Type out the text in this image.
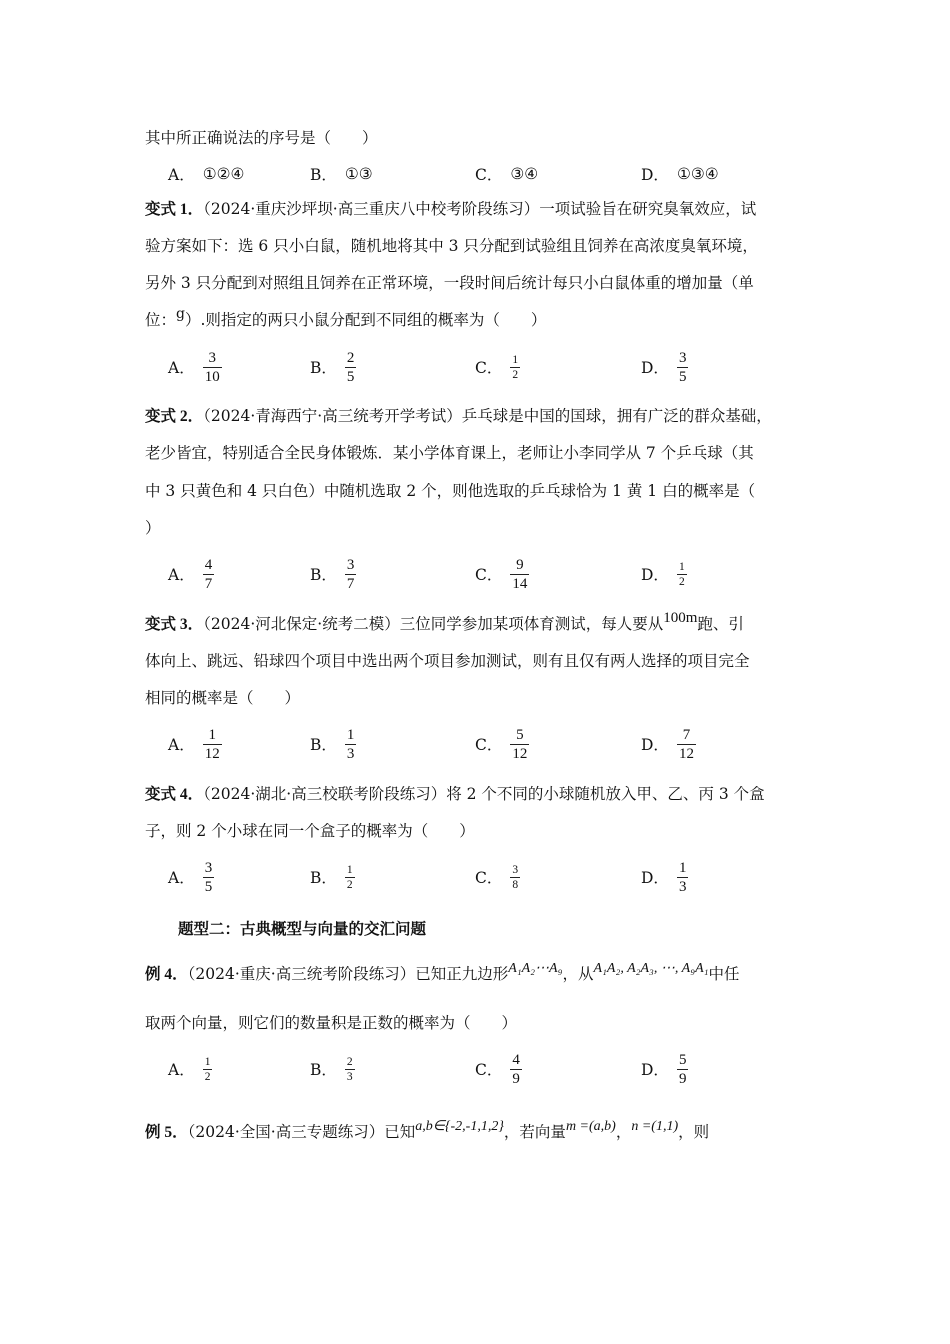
其中所正确说法的序号是（　　）
A． ①②④	B． ①③	C． ③④	D． ①③④
变式 1．（2024·重庆沙坪坝·高三重庆八中校考阶段练习）一项试验旨在研究臭氧效应，试
验方案如下：选 6 只小白鼠，随机地将其中 3 只分配到试验组且饲养在高浓度臭氧环境，
另外 3 只分配到对照组且饲养在正常环境，一段时间后统计每只小白鼠体重的增加量（单
位：g）.则指定的两只小鼠分配到不同组的概率为（　　）
A． $\frac{3}{10}$	B． $\frac{2}{5}$	C． $\frac{1}{2}$	D． $\frac{3}{5}$
变式 2．（2024·青海西宁·高三统考开学考试）乒乓球是中国的国球，拥有广泛的群众基础，
老少皆宜，特别适合全民身体锻炼．某小学体育课上，老师让小李同学从 7 个乒乓球（其
中 3 只黄色和 4 只白色）中随机选取 2 个，则他选取的乒乓球恰为 1 黄 1 白的概率是（
）
A． $\frac{4}{7}$	B． $\frac{3}{7}$	C． $\frac{9}{14}$	D． $\frac{1}{2}$
变式 3．（2024·河北保定·统考二模）三位同学参加某项体育测试，每人要从100m跑、引
体向上、跳远、铅球四个项目中选出两个项目参加测试，则有且仅有两人选择的项目完全
相同的概率是（　　）
A． $\frac{1}{12}$	B． $\frac{1}{3}$	C． $\frac{5}{12}$	D． $\frac{7}{12}$
变式 4．（2024·湖北·高三校联考阶段练习）将 2 个不同的小球随机放入甲、乙、丙 3 个盒
子，则 2 个小球在同一个盒子的概率为（　　）
A． $\frac{3}{5}$	B． $\frac{1}{2}$	C． $\frac{3}{8}$	D． $\frac{1}{3}$
题型二：古典概型与向量的交汇问题
例 4．（2024·重庆·高三统考阶段练习）已知正九边形A₁A₂⋯A₉，从A₁A₂, A₂A₃, ⋯, A₉A₁中任
取两个向量，则它们的数量积是正数的概率为（　　）
A． $\frac{1}{2}$	B． $\frac{2}{3}$	C． $\frac{4}{9}$	D． $\frac{5}{9}$
例 5．（2024·全国·高三专题练习）已知a,b∈{-2,-1,1,2}，若向量m =(a,b)，n =(1,1)，则
